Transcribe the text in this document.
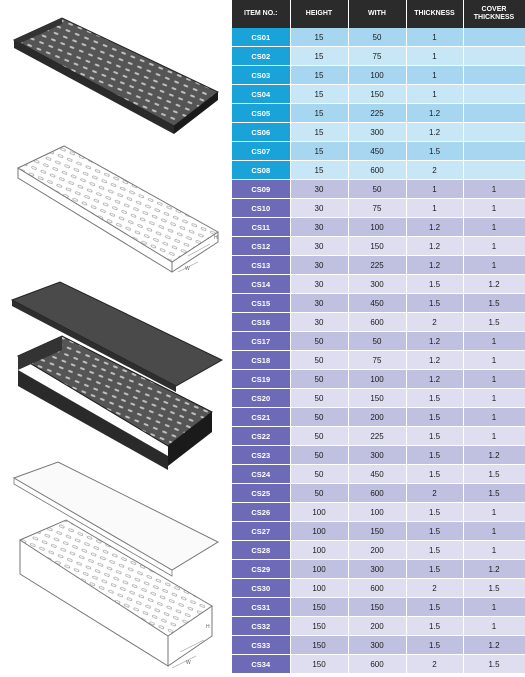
H
W
H
W
ITEM NO.:	HEIGHT	WITH	THICKNESS	COVER
THICKNESS
CS01	15	50	1	
CS02	15	75	1	
CS03	15	100	1	
CS04	15	150	1	
CS05	15	225	1.2	
CS06	15	300	1.2	
CS07	15	450	1.5	
CS08	15	600	2	
CS09	30	50	1	1
CS10	30	75	1	1
CS11	30	100	1.2	1
CS12	30	150	1.2	1
CS13	30	225	1.2	1
CS14	30	300	1.5	1.2
CS15	30	450	1.5	1.5
CS16	30	600	2	1.5
CS17	50	50	1.2	1
CS18	50	75	1.2	1
CS19	50	100	1.2	1
CS20	50	150	1.5	1
CS21	50	200	1.5	1
CS22	50	225	1.5	1
CS23	50	300	1.5	1.2
CS24	50	450	1.5	1.5
CS25	50	600	2	1.5
CS26	100	100	1.5	1
CS27	100	150	1.5	1
CS28	100	200	1.5	1
CS29	100	300	1.5	1.2
CS30	100	600	2	1.5
CS31	150	150	1.5	1
CS32	150	200	1.5	1
CS33	150	300	1.5	1.2
CS34	150	600	2	1.5
